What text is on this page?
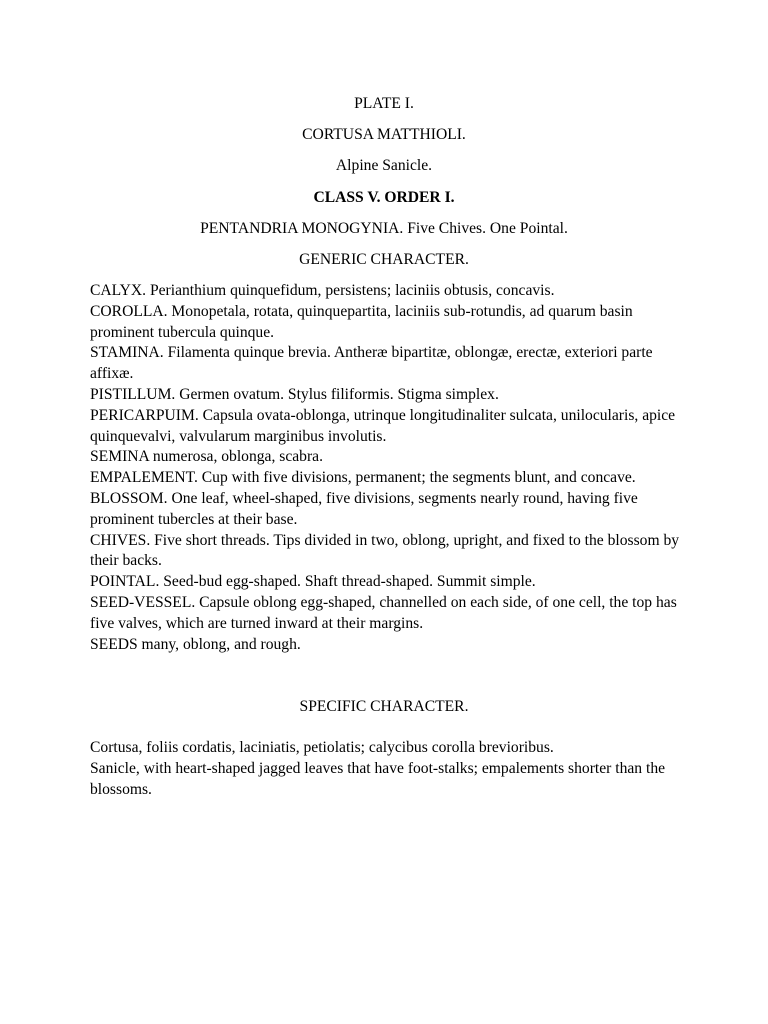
PLATE I.
CORTUSA MATTHIOLI.
Alpine Sanicle.
CLASS V. ORDER I.
PENTANDRIA MONOGYNIA. Five Chives. One Pointal.
GENERIC CHARACTER.

CALYX. Perianthium quinquefidum, persistens; laciniis obtusis, concavis.

COROLLA. Monopetala, rotata, quinquepartita, laciniis sub-rotundis, ad quarum basin prominent tubercula quinque.

STAMINA. Filamenta quinque brevia. Antheræ bipartitæ, oblongæ, erectæ, exteriori parte affixæ.

PISTILLUM. Germen ovatum. Stylus filiformis. Stigma simplex.

PERICARPUIM. Capsula ovata-oblonga, utrinque longitudinaliter sulcata, unilocularis, apice quinquevalvi, valvularum marginibus involutis.

SEMINA numerosa, oblonga, scabra.

EMPALEMENT. Cup with five divisions, permanent; the segments blunt, and concave.

BLOSSOM. One leaf, wheel-shaped, five divisions, segments nearly round, having five prominent tubercles at their base.

CHIVES. Five short threads. Tips divided in two, oblong, upright, and fixed to the blossom by their backs.

POINTAL. Seed-bud egg-shaped. Shaft thread-shaped. Summit simple.

SEED-VESSEL. Capsule oblong egg-shaped, channelled on each side, of one cell, the top has five valves, which are turned inward at their margins.

SEEDS many, oblong, and rough.

SPECIFIC CHARACTER.

Cortusa, foliis cordatis, laciniatis, petiolatis; calycibus corolla brevioribus.

Sanicle, with heart-shaped jagged leaves that have foot-stalks; empalements shorter than the blossoms.
